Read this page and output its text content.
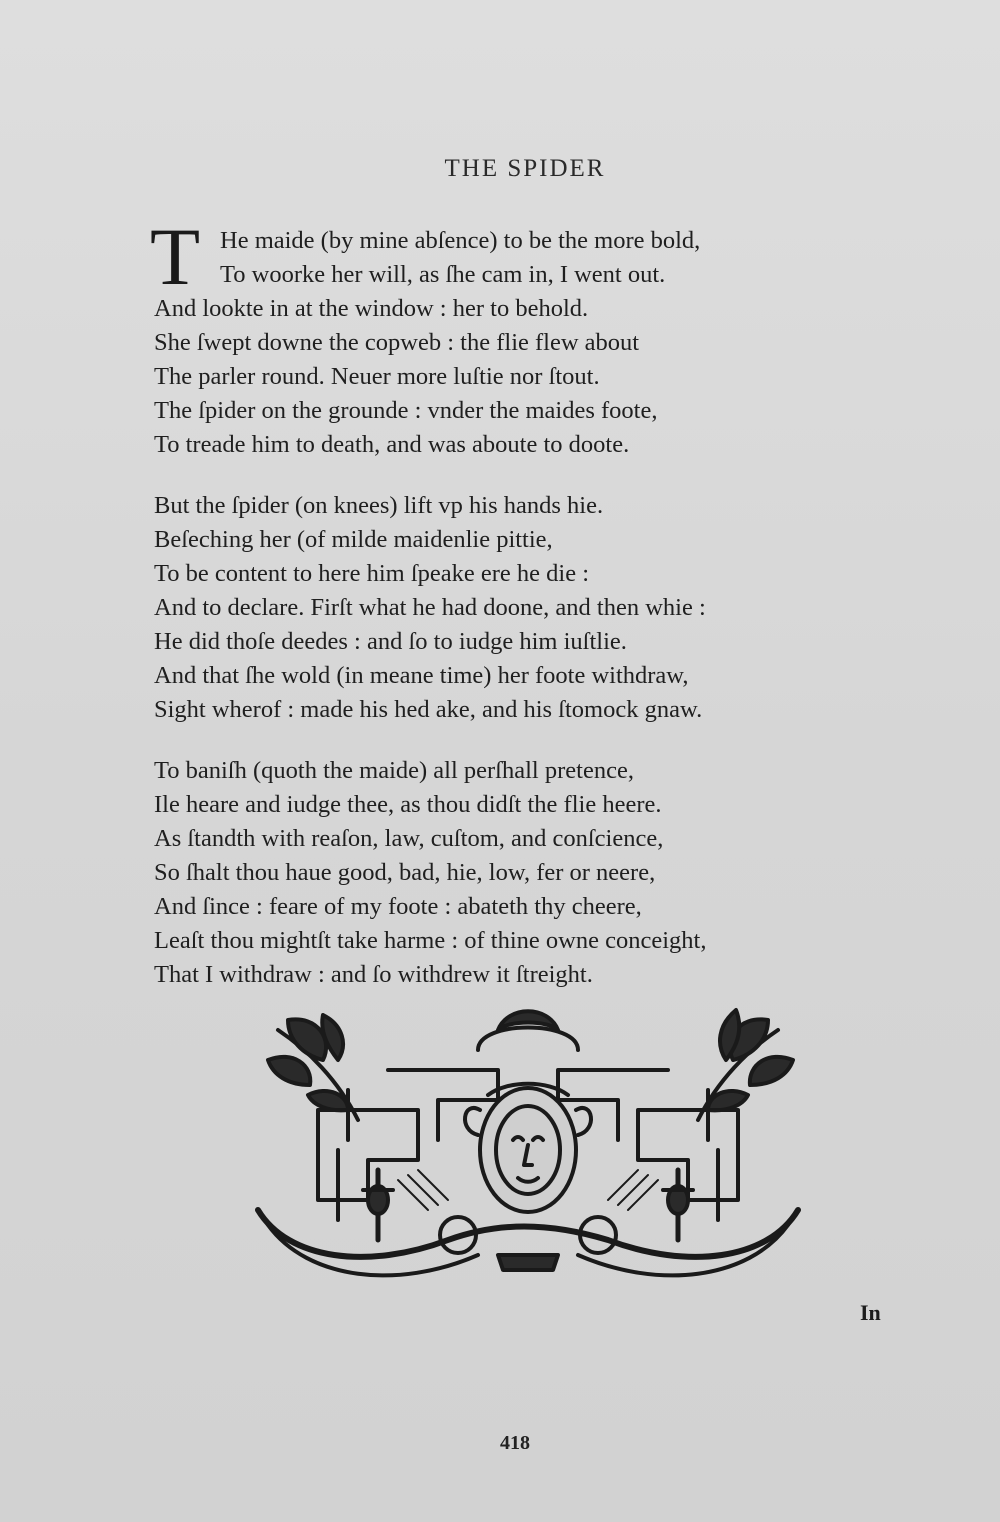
THE SPIDER
T He maide (by mine abſence) to be the more bold,
To woorke her will, as ſhe cam in, I went out.
And lookte in at the window : her to behold.
She ſwept downe the copweb : the flie flew about
The parler round. Neuer more luſtie nor ſtout.
The ſpider on the grounde : vnder the maides foote,
To treade him to death, and was aboute to doote.
But the ſpider (on knees) lift vp his hands hie.
Beſeching her (of milde maidenlie pittie,
To be content to here him ſpeake ere he die :
And to declare. Firſt what he had doone, and then whie :
He did thoſe deedes : and ſo to iudge him iuſtlie.
And that ſhe wold (in meane time) her foote withdraw,
Sight wherof : made his hed ake, and his ſtomock gnaw.
To baniſh (quoth the maide) all perſhall pretence,
Ile heare and iudge thee, as thou didſt the flie heere.
As ſtandth with reaſon, law, cuſtom, and conſcience,
So ſhalt thou haue good, bad, hie, low, fer or neere,
And ſince : feare of my foote : abateth thy cheere,
Leaſt thou mightſt take harme : of thine owne conceight,
That I withdraw : and ſo withdrew it ſtreight.
In
418
